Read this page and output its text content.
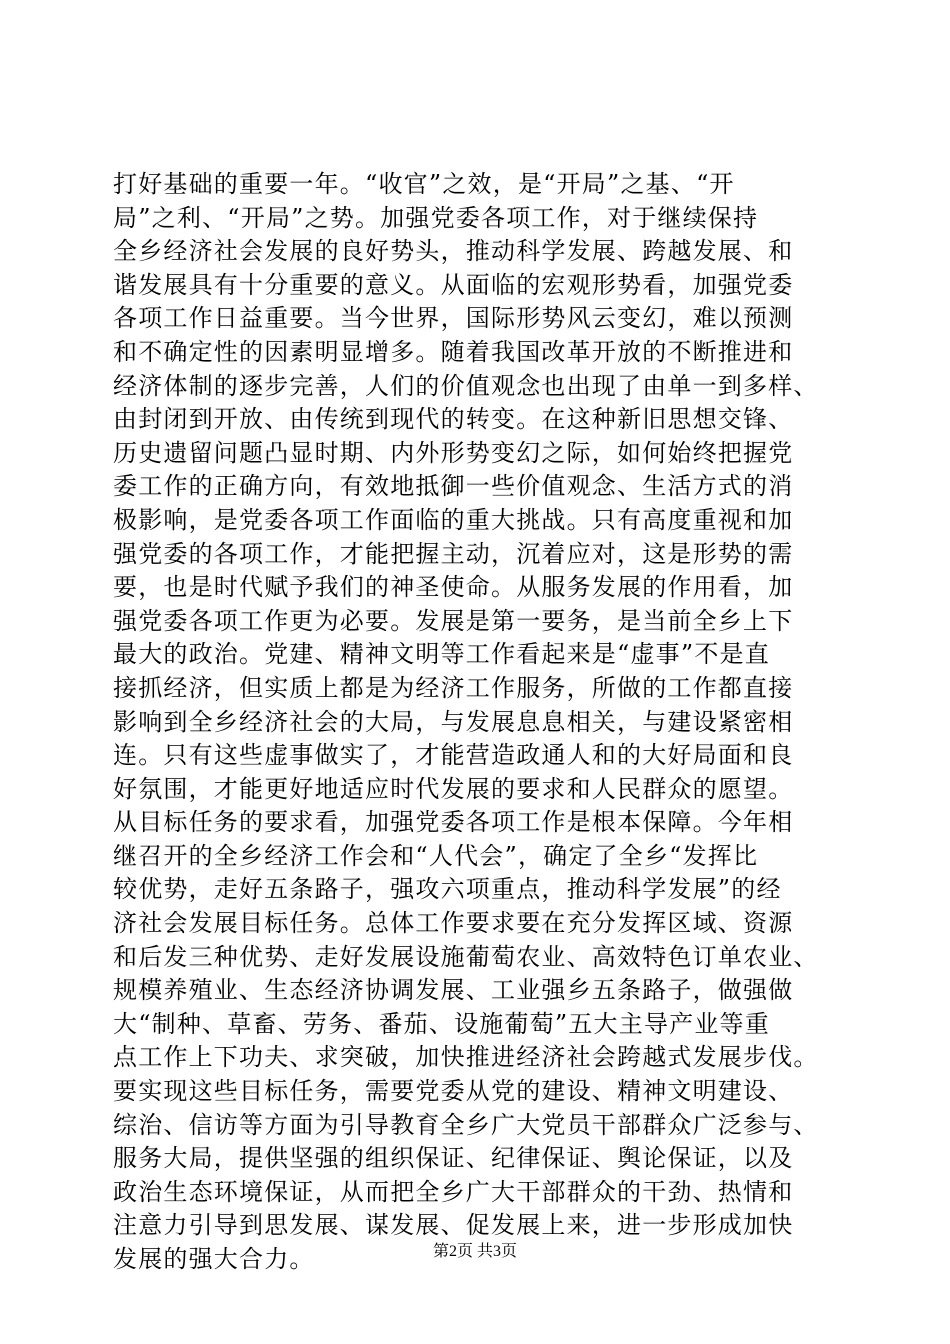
打好基础的重要一年。“收官”之效，是“开局”之基、“开
局”之利、“开局”之势。加强党委各项工作，对于继续保持
全乡经济社会发展的良好势头，推动科学发展、跨越发展、和
谐发展具有十分重要的意义。从面临的宏观形势看，加强党委
各项工作日益重要。当今世界，国际形势风云变幻，难以预测
和不确定性的因素明显增多。随着我国改革开放的不断推进和
经济体制的逐步完善，人们的价值观念也出现了由单一到多样、
由封闭到开放、由传统到现代的转变。在这种新旧思想交锋、
历史遗留问题凸显时期、内外形势变幻之际，如何始终把握党
委工作的正确方向，有效地抵御一些价值观念、生活方式的消
极影响，是党委各项工作面临的重大挑战。只有高度重视和加
强党委的各项工作，才能把握主动，沉着应对，这是形势的需
要，也是时代赋予我们的神圣使命。从服务发展的作用看，加
强党委各项工作更为必要。发展是第一要务，是当前全乡上下
最大的政治。党建、精神文明等工作看起来是“虚事”不是直
接抓经济，但实质上都是为经济工作服务，所做的工作都直接
影响到全乡经济社会的大局，与发展息息相关，与建设紧密相
连。只有这些虚事做实了，才能营造政通人和的大好局面和良
好氛围，才能更好地适应时代发展的要求和人民群众的愿望。
从目标任务的要求看，加强党委各项工作是根本保障。今年相
继召开的全乡经济工作会和“人代会”，确定了全乡“发挥比
较优势，走好五条路子，强攻六项重点，推动科学发展”的经
济社会发展目标任务。总体工作要求要在充分发挥区域、资源
和后发三种优势、走好发展设施葡萄农业、高效特色订单农业、
规模养殖业、生态经济协调发展、工业强乡五条路子，做强做
大“制种、草畜、劳务、番茄、设施葡萄”五大主导产业等重
点工作上下功夫、求突破，加快推进经济社会跨越式发展步伐。
要实现这些目标任务，需要党委从党的建设、精神文明建设、
综治、信访等方面为引导教育全乡广大党员干部群众广泛参与、
服务大局，提供坚强的组织保证、纪律保证、舆论保证，以及
政治生态环境保证，从而把全乡广大干部群众的干劲、热情和
注意力引导到思发展、谋发展、促发展上来，进一步形成加快
发展的强大合力。	第2页 共3页
